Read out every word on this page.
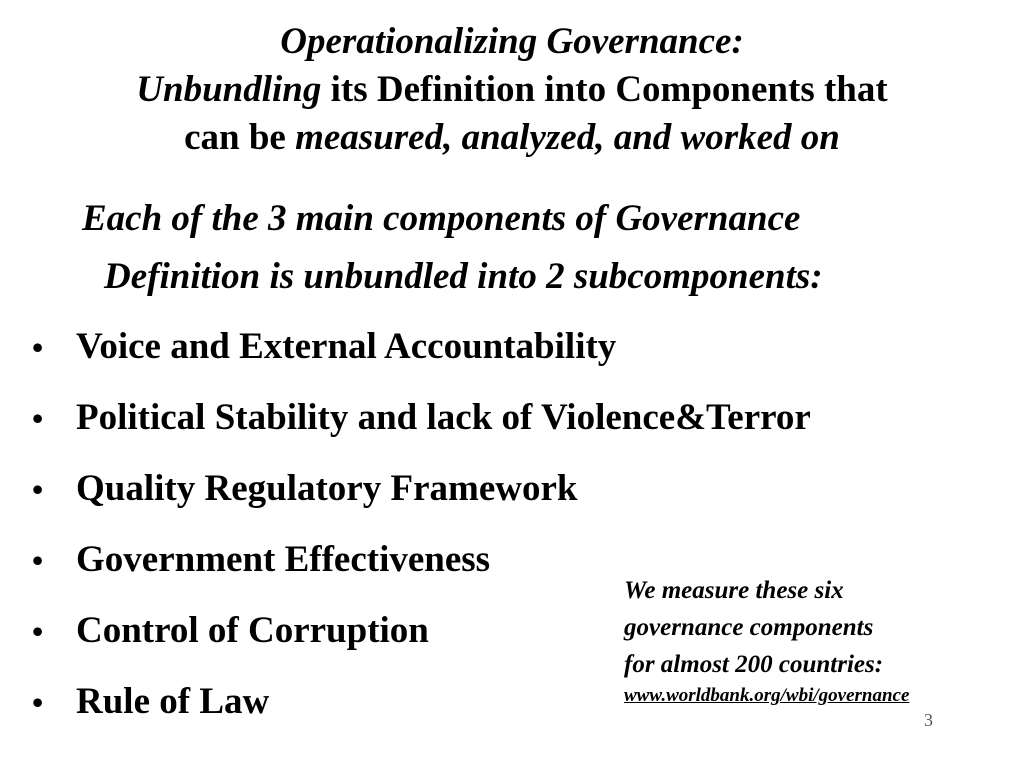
Operationalizing Governance:
Unbundling its Definition into Components that
can be measured, analyzed, and worked on
Each of the 3 main components of Governance
Definition is unbundled into 2 subcomponents:
• Voice and External Accountability
• Political Stability and lack of Violence&Terror
• Quality Regulatory Framework
• Government Effectiveness
• Control of Corruption
• Rule of Law
We measure these six
governance components
for almost 200 countries:
www.worldbank.org/wbi/governance
3
